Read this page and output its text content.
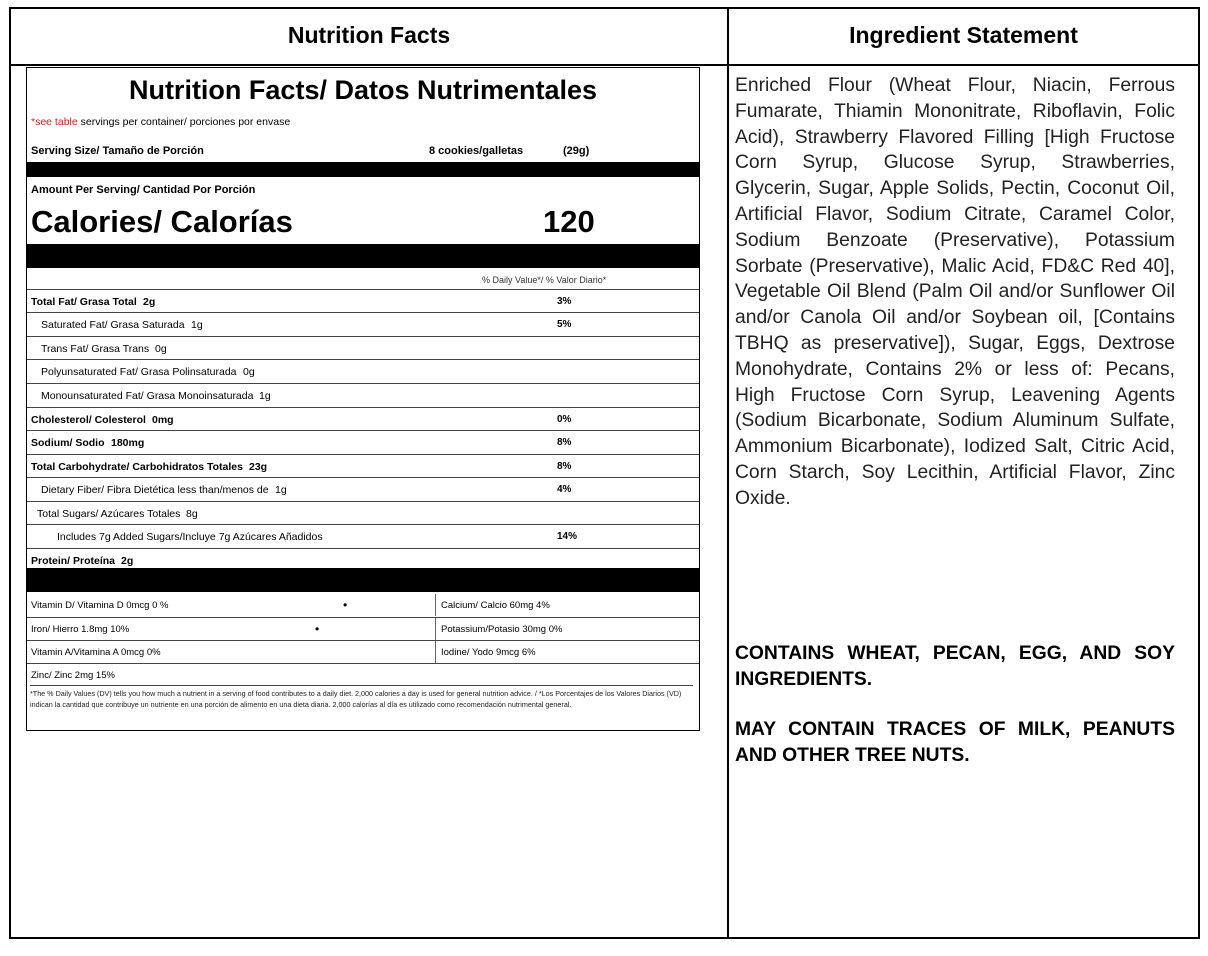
Nutrition Facts	Ingredient Statement
Nutrition Facts/ Datos Nutrimentales
*see table servings per container/ porciones por envase
Serving Size/ Tamaño de Porción	8 cookies/galletas	(29g)
Amount Per Serving/ Cantidad Por Porción
Calories/ Calorías	120
% Daily Value*/ % Valor Diario*
Total Fat/ Grasa Total 2g	3%
Saturated Fat/ Grasa Saturada 1g	5%
Trans Fat/ Grasa Trans 0g
Polyunsaturated Fat/ Grasa Polinsaturada 0g
Monounsaturated Fat/ Grasa Monoinsaturada 1g
Cholesterol/ Colesterol 0mg	0%
Sodium/ Sodio 180mg	8%
Total Carbohydrate/ Carbohidratos Totales 23g	8%
Dietary Fiber/ Fibra Dietética less than/menos de 1g	4%
Total Sugars/ Azúcares Totales 8g
Includes 7g Added Sugars/Incluye 7g Azúcares Añadidos	14%
Protein/ Proteína 2g
Vitamin D/ Vitamina D 0mcg 0 %	Calcium/ Calcio 60mg 4%
•
Iron/ Hierro 1.8mg 10%	Potassium/Potasio 30mg 0%
•
Vitamin A/Vitamina A 0mcg 0%	Iodine/ Yodo 9mcg 6%
Zinc/ Zinc 2mg 15%
*The % Daily Values (DV) tells you how much a nutrient in a serving of food contributes to a daily diet. 2,000 calories a day is used for general nutrition advice. / *Los Porcentajes de los Valores Diarios (VD) indican la cantidad que contribuye un nutriente en una porción de alimento en una dieta diaria. 2,000 calorías al día es utilizado como recomendación nutrimental general.
Enriched Flour (Wheat Flour, Niacin, Ferrous Fumarate, Thiamin Mononitrate, Riboflavin, Folic Acid), Strawberry Flavored Filling [High Fructose Corn Syrup, Glucose Syrup, Strawberries, Glycerin, Sugar, Apple Solids, Pectin, Coconut Oil, Artificial Flavor, Sodium Citrate, Caramel Color, Sodium Benzoate (Preservative), Potassium Sorbate (Preservative), Malic Acid, FD&C Red 40], Vegetable Oil Blend (Palm Oil and/or Sunflower Oil and/or Canola Oil and/or Soybean oil, [Contains TBHQ as preservative]), Sugar, Eggs, Dextrose Monohydrate, Contains 2% or less of: Pecans, High Fructose Corn Syrup, Leavening Agents (Sodium Bicarbonate, Sodium Aluminum Sulfate, Ammonium Bicarbonate), Iodized Salt, Citric Acid, Corn Starch, Soy Lecithin, Artificial Flavor, Zinc Oxide.
CONTAINS WHEAT, PECAN, EGG, AND SOY INGREDIENTS.
MAY CONTAIN TRACES OF MILK, PEANUTS AND OTHER TREE NUTS.
